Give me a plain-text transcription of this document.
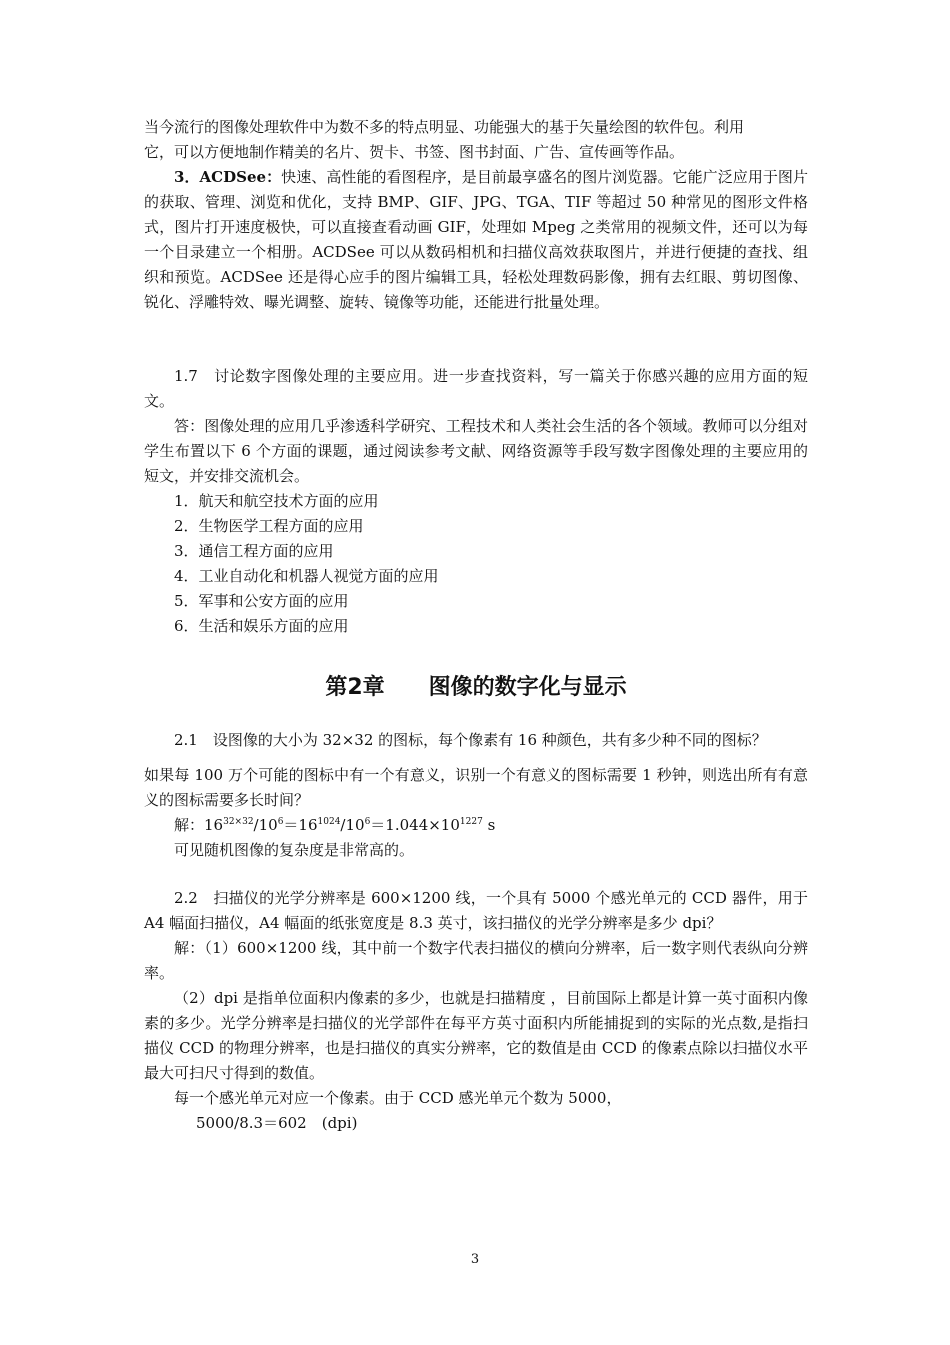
当今流行的图像处理软件中为数不多的特点明显、功能强大的基于矢量绘图的软件包。利用

它，可以方便地制作精美的名片、贺卡、书签、图书封面、广告、宣传画等作品。

3．ACDSee：快速、高性能的看图程序，是目前最享盛名的图片浏览器。它能广泛应用于图片的获取、管理、浏览和优化，支持 BMP、GIF、JPG、TGA、TIF 等超过 50 种常见的图形文件格式，图片打开速度极快，可以直接查看动画 GIF，处理如 Mpeg 之类常用的视频文件，还可以为每一个目录建立一个相册。ACDSee 可以从数码相机和扫描仪高效获取图片，并进行便捷的查找、组织和预览。ACDSee 还是得心应手的图片编辑工具，轻松处理数码影像，拥有去红眼、剪切图像、锐化、浮雕特效、曝光调整、旋转、镜像等功能，还能进行批量处理。

1.7　讨论数字图像处理的主要应用。进一步查找资料，写一篇关于你感兴趣的应用方面的短文。

答：图像处理的应用几乎渗透科学研究、工程技术和人类社会生活的各个领域。教师可以分组对学生布置以下 6 个方面的课题，通过阅读参考文献、网络资源等手段写数字图像处理的主要应用的短文，并安排交流机会。

1．航天和航空技术方面的应用

2．生物医学工程方面的应用

3．通信工程方面的应用

4．工业自动化和机器人视觉方面的应用

5．军事和公安方面的应用

6．生活和娱乐方面的应用

第2章 图像的数字化与显示

2.1　设图像的大小为 32×32 的图标，每个像素有 16 种颜色，共有多少种不同的图标？

如果每 100 万个可能的图标中有一个有意义，识别一个有意义的图标需要 1 秒钟，则选出所有有意义的图标需要多长时间？

解：$16^{32\times 32}/10^6=16^{1024}/10^6=1.044\times 10^{1227}$ s

可见随机图像的复杂度是非常高的。

2.2　扫描仪的光学分辨率是 600×1200 线，一个具有 5000 个感光单元的 CCD 器件，用于 A4 幅面扫描仪，A4 幅面的纸张宽度是 8.3 英寸，该扫描仪的光学分辨率是多少 dpi？

解：（1）600×1200 线，其中前一个数字代表扫描仪的横向分辨率，后一数字则代表纵向分辨率。

（2）dpi 是指单位面积内像素的多少，也就是扫描精度 ，目前国际上都是计算一英寸面积内像素的多少。光学分辨率是扫描仪的光学部件在每平方英寸面积内所能捕捉到的实际的光点数,是指扫描仪 CCD 的物理分辨率，也是扫描仪的真实分辨率，它的数值是由 CCD 的像素点除以扫描仪水平最大可扫尺寸得到的数值。

每一个感光单元对应一个像素。由于 CCD 感光单元个数为 5000，

5000/8.3＝602　(dpi)

3
